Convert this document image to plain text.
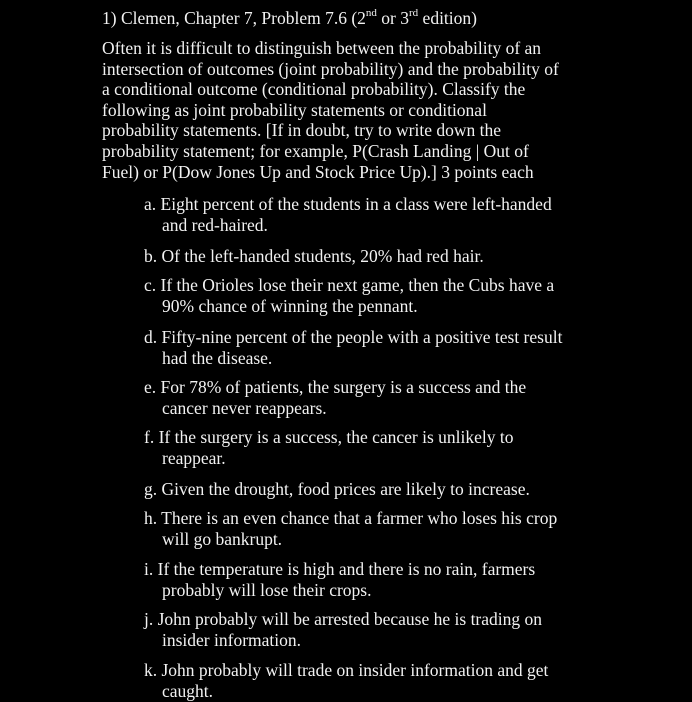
1) Clemen, Chapter 7, Problem 7.6 (2nd or 3rd edition)

Often it is difficult to distinguish between the probability of an
intersection of outcomes (joint probability) and the probability of
a conditional outcome (conditional probability). Classify the
following as joint probability statements or conditional
probability statements. [If in doubt, try to write down the
probability statement; for example, P(Crash Landing | Out of
Fuel) or P(Dow Jones Up and Stock Price Up).] 3 points each

a. Eight percent of the students in a class were left-handed
and red-haired.
b. Of the left-handed students, 20% had red hair.
c. If the Orioles lose their next game, then the Cubs have a
90% chance of winning the pennant.
d. Fifty-nine percent of the people with a positive test result
had the disease.
e. For 78% of patients, the surgery is a success and the
cancer never reappears.
f. If the surgery is a success, the cancer is unlikely to
reappear.
g. Given the drought, food prices are likely to increase.
h. There is an even chance that a farmer who loses his crop
will go bankrupt.
i. If the temperature is high and there is no rain, farmers
probably will lose their crops.
j. John probably will be arrested because he is trading on
insider information.
k. John probably will trade on insider information and get
caught.
